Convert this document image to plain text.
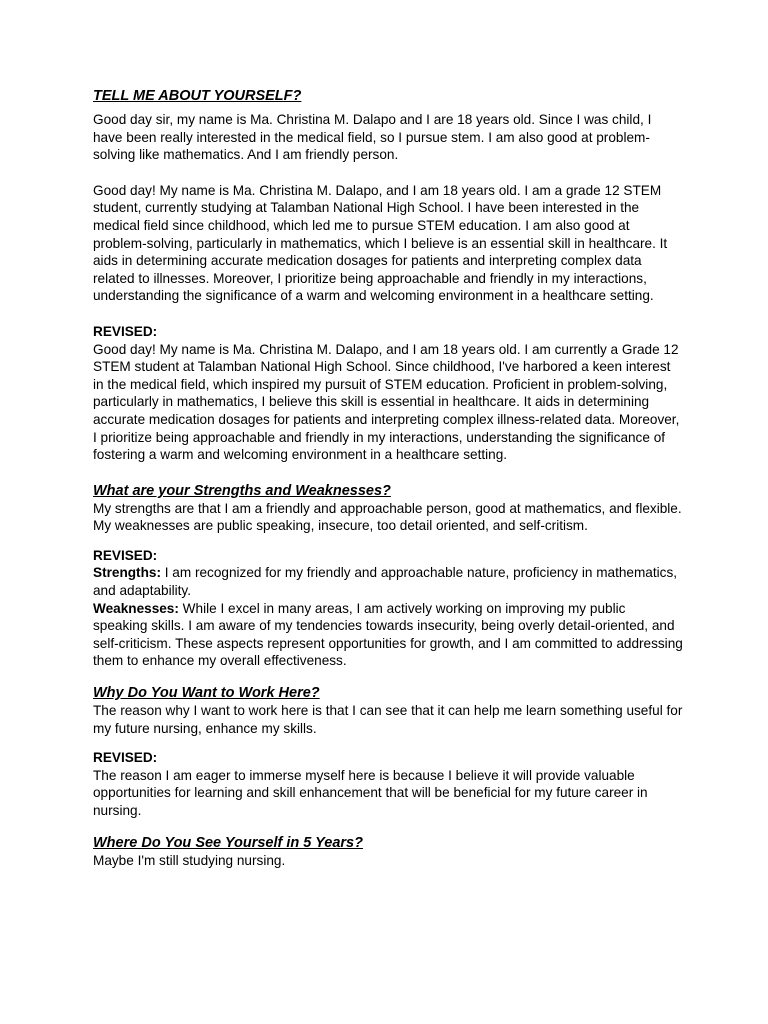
TELL ME ABOUT YOURSELF?

Good day sir, my name is Ma. Christina M. Dalapo and I are 18 years old. Since I was child, I have been really interested in the medical field, so I pursue stem. I am also good at problem-solving like mathematics. And I am friendly person.

Good day! My name is Ma. Christina M. Dalapo, and I am 18 years old. I am a grade 12 STEM student, currently studying at Talamban National High School. I have been interested in the medical field since childhood, which led me to pursue STEM education. I am also good at problem-solving, particularly in mathematics, which I believe is an essential skill in healthcare. It aids in determining accurate medication dosages for patients and interpreting complex data related to illnesses. Moreover, I prioritize being approachable and friendly in my interactions, understanding the significance of a warm and welcoming environment in a healthcare setting.

REVISED:
Good day! My name is Ma. Christina M. Dalapo, and I am 18 years old. I am currently a Grade 12 STEM student at Talamban National High School. Since childhood, I've harbored a keen interest in the medical field, which inspired my pursuit of STEM education. Proficient in problem-solving, particularly in mathematics, I believe this skill is essential in healthcare. It aids in determining accurate medication dosages for patients and interpreting complex illness-related data. Moreover, I prioritize being approachable and friendly in my interactions, understanding the significance of fostering a warm and welcoming environment in a healthcare setting.

What are your Strengths and Weaknesses?

My strengths are that I am a friendly and approachable person, good at mathematics, and flexible. My weaknesses are public speaking, insecure, too detail oriented, and self-critism.

REVISED:
Strengths: I am recognized for my friendly and approachable nature, proficiency in mathematics, and adaptability.
Weaknesses: While I excel in many areas, I am actively working on improving my public speaking skills. I am aware of my tendencies towards insecurity, being overly detail-oriented, and self-criticism. These aspects represent opportunities for growth, and I am committed to addressing them to enhance my overall effectiveness.

Why Do You Want to Work Here?

The reason why I want to work here is that I can see that it can help me learn something useful for my future nursing, enhance my skills.

REVISED:
The reason I am eager to immerse myself here is because I believe it will provide valuable opportunities for learning and skill enhancement that will be beneficial for my future career in nursing.

Where Do You See Yourself in 5 Years?

Maybe I'm still studying nursing.
